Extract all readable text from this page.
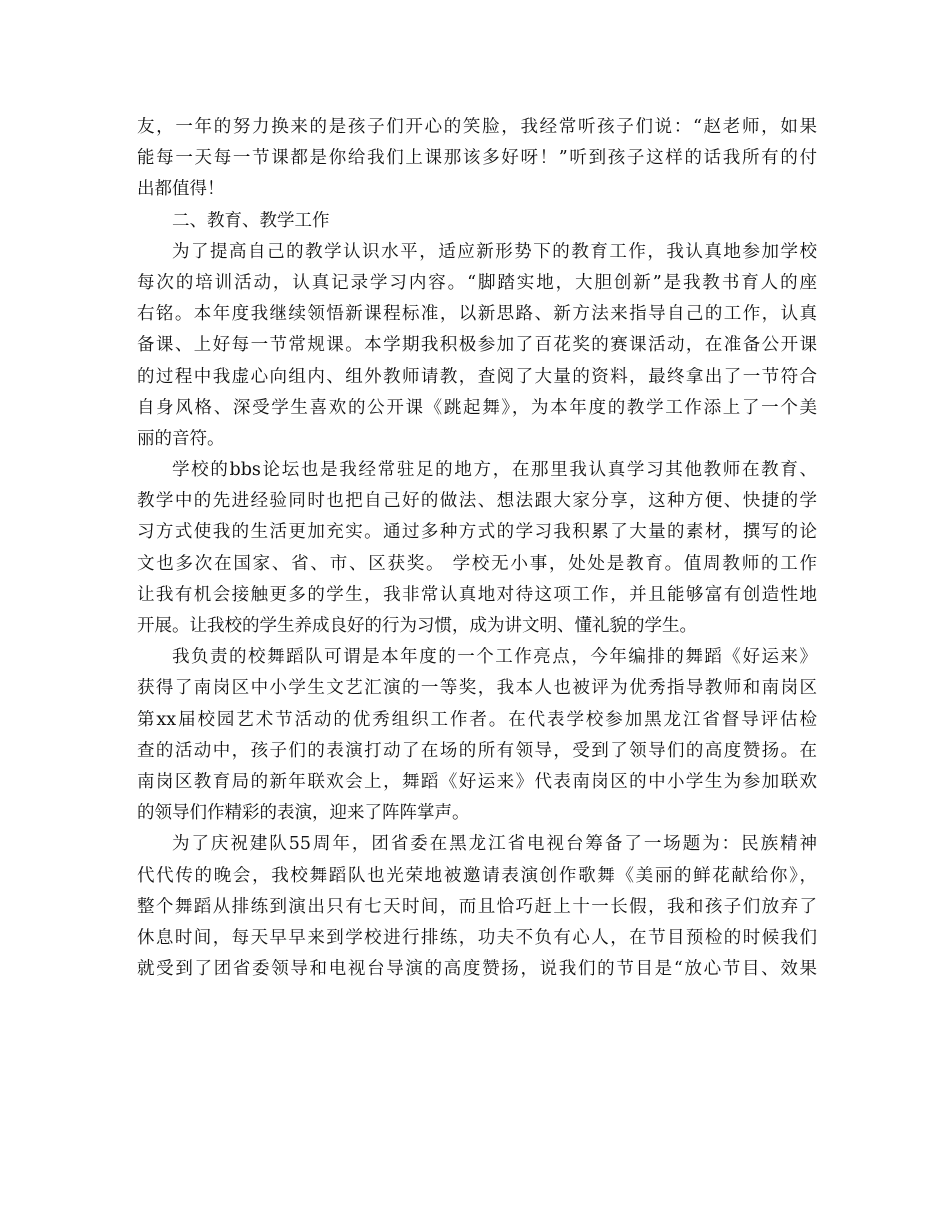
友，一年的努力换来的是孩子们开心的笑脸，我经常听孩子们说：“赵老师，如果
能每一天每一节课都是你给我们上课那该多好呀！”听到孩子这样的话我所有的付
出都值得！
二、教育、教学工作
为了提高自己的教学认识水平，适应新形势下的教育工作，我认真地参加学校
每次的培训活动，认真记录学习内容。“脚踏实地，大胆创新”是我教书育人的座
右铭。本年度我继续领悟新课程标准，以新思路、新方法来指导自己的工作，认真
备课、上好每一节常规课。本学期我积极参加了百花奖的赛课活动，在准备公开课
的过程中我虚心向组内、组外教师请教，查阅了大量的资料，最终拿出了一节符合
自身风格、深受学生喜欢的公开课《跳起舞》，为本年度的教学工作添上了一个美
丽的音符。
学校的bbs论坛也是我经常驻足的地方，在那里我认真学习其他教师在教育、
教学中的先进经验同时也把自己好的做法、想法跟大家分享，这种方便、快捷的学
习方式使我的生活更加充实。通过多种方式的学习我积累了大量的素材，撰写的论
文也多次在国家、省、市、区获奖。 学校无小事，处处是教育。值周教师的工作
让我有机会接触更多的学生，我非常认真地对待这项工作，并且能够富有创造性地
开展。让我校的学生养成良好的行为习惯，成为讲文明、懂礼貌的学生。
我负责的校舞蹈队可谓是本年度的一个工作亮点，今年编排的舞蹈《好运来》
获得了南岗区中小学生文艺汇演的一等奖，我本人也被评为优秀指导教师和南岗区
第xx届校园艺术节活动的优秀组织工作者。在代表学校参加黑龙江省督导评估检
查的活动中，孩子们的表演打动了在场的所有领导，受到了领导们的高度赞扬。在
南岗区教育局的新年联欢会上，舞蹈《好运来》代表南岗区的中小学生为参加联欢
的领导们作精彩的表演，迎来了阵阵掌声。
为了庆祝建队55周年，团省委在黑龙江省电视台筹备了一场题为：民族精神
代代传的晚会，我校舞蹈队也光荣地被邀请表演创作歌舞《美丽的鲜花献给你》，
整个舞蹈从排练到演出只有七天时间，而且恰巧赶上十一长假，我和孩子们放弃了
休息时间，每天早早来到学校进行排练，功夫不负有心人，在节目预检的时候我们
就受到了团省委领导和电视台导演的高度赞扬，说我们的节目是“放心节目、效果
